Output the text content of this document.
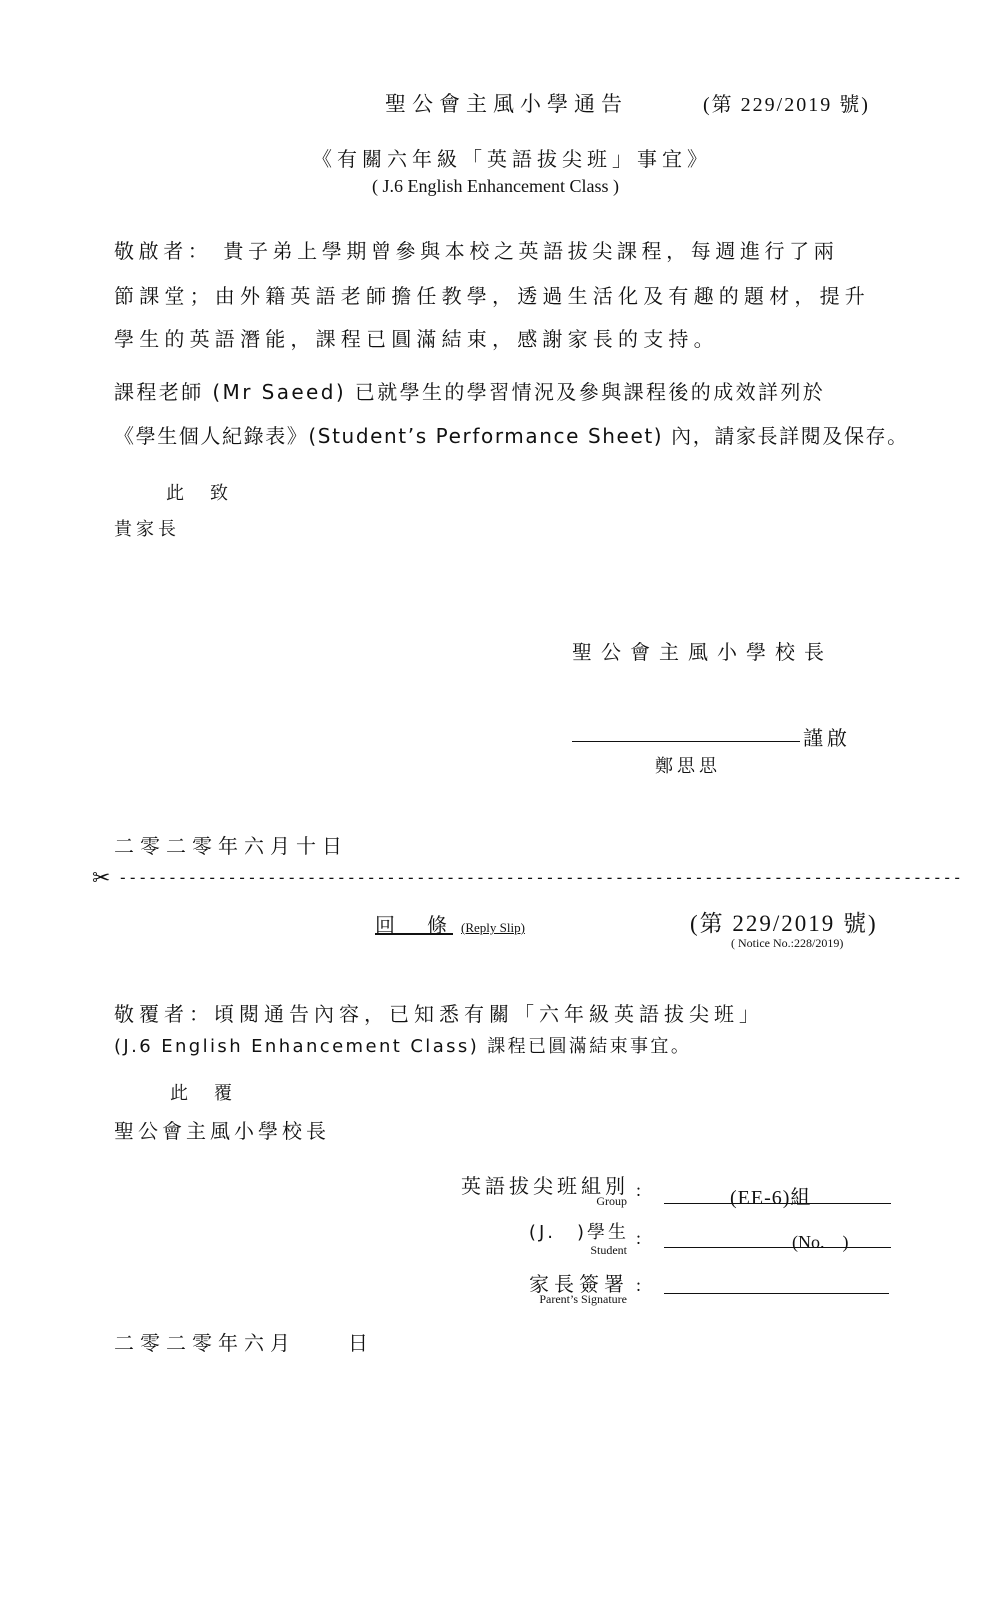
聖公會主風小學通告	(第 229/2019 號)
《有關六年級「英語拔尖班」事宜》
( J.6 English Enhancement Class )
敬啟者： 貴子弟上學期曾參與本校之英語拔尖課程，每週進行了兩
節課堂；由外籍英語老師擔任教學，透過生活化及有趣的題材，提升
學生的英語潛能，課程已圓滿結束，感謝家長的支持。
課程老師 (Mr Saeed) 已就學生的學習情況及參與課程後的成效詳列於
《學生個人紀錄表》(Student’s Performance Sheet) 內，請家長詳閱及保存。
此　致
貴家長
聖公會主風小學校長
謹啟
鄭思思
二零二零年六月十日
✂ -------------------------------------------------------------------------------------
回　條 (Reply Slip)	(第 229/2019 號)
( Notice No.:228/2019)
敬覆者：頃閱通告內容，已知悉有關「六年級英語拔尖班」
(J.6 English Enhancement Class) 課程已圓滿結束事宜。
此　覆
聖公會主風小學校長
英語拔尖班組別
Group
:	(EE-6)組
(J.　)學生
Student
:	(No.　)
家長簽署
Parent’s Signature
:
二零二零年六月　　日
